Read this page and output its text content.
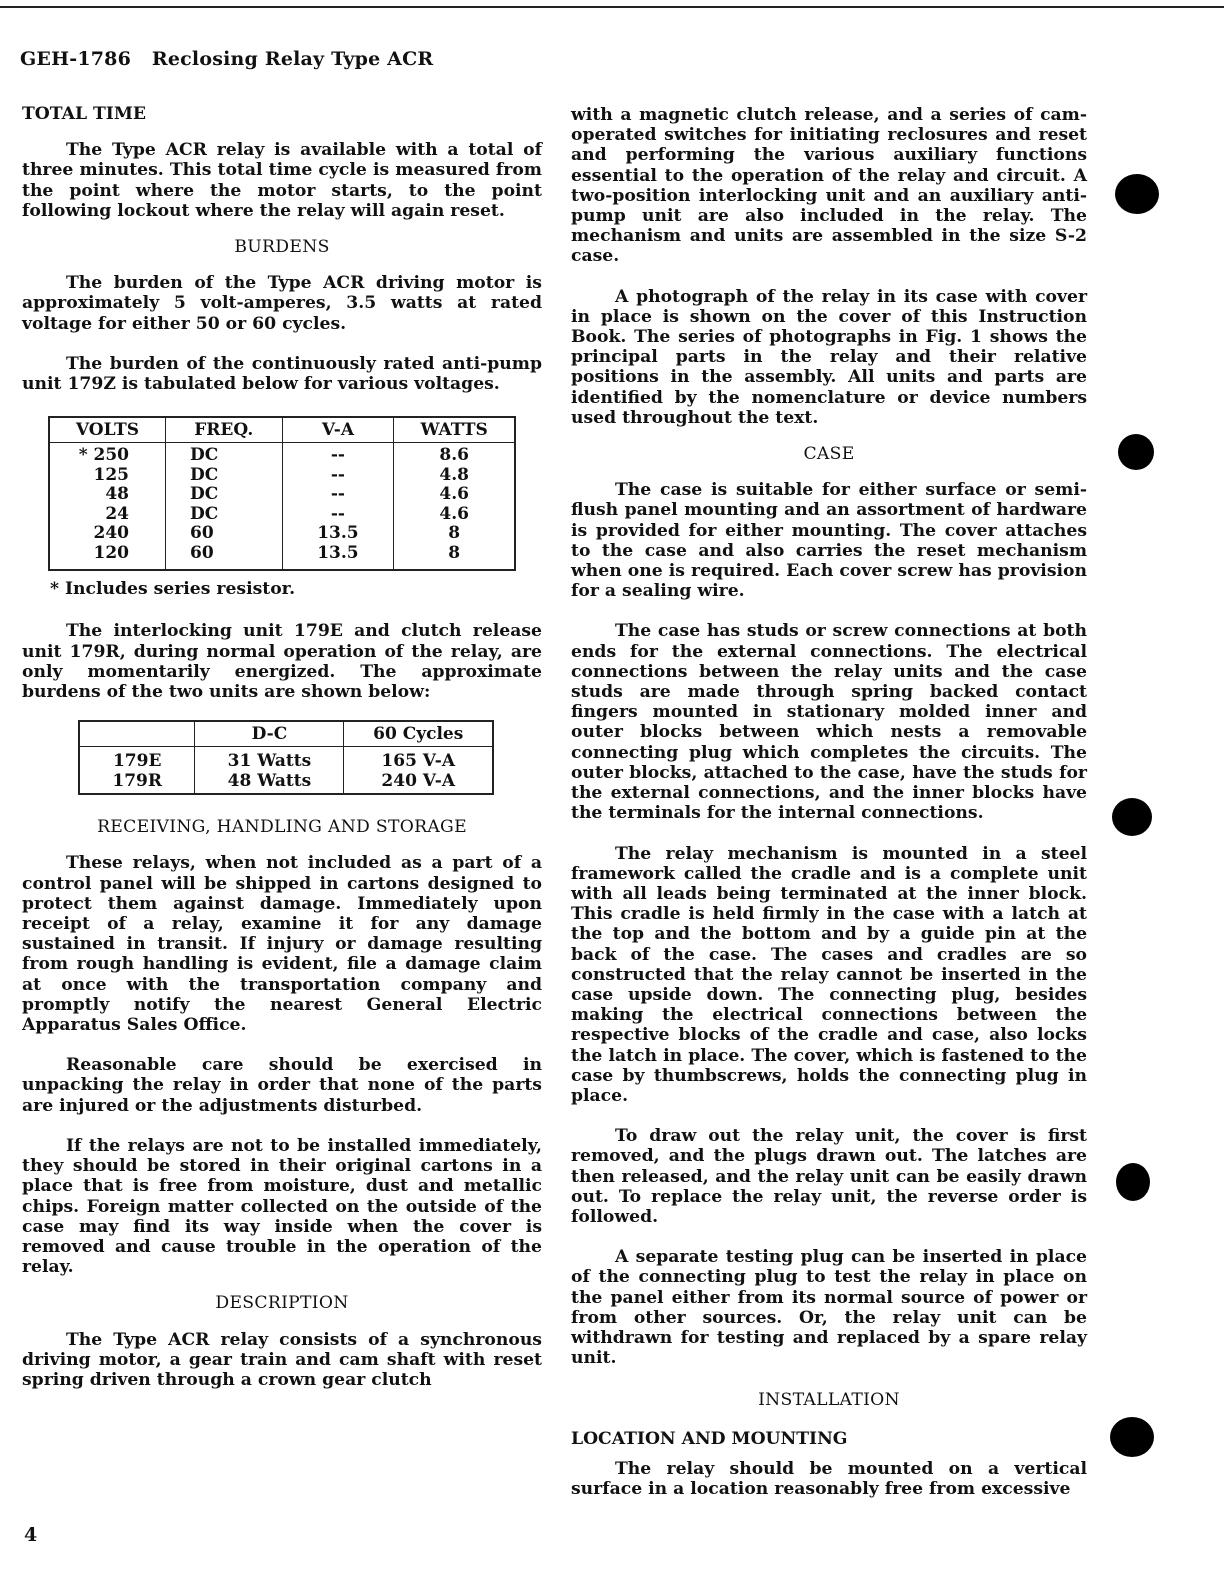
GEH-1786 Reclosing Relay Type ACR
TOTAL TIME

The Type ACR relay is available with a total of three minutes. This total time cycle is measured from the point where the motor starts, to the point following lockout where the relay will again reset.

BURDENS

The burden of the Type ACR driving motor is approximately 5 volt-amperes, 3.5 watts at rated voltage for either 50 or 60 cycles.

The burden of the continuously rated anti-pump unit 179Z is tabulated below for various voltages.

VOLTS	FREQ.	V-A	WATTS
* 250	DC	--	8.6
125	DC	--	4.8
48	DC	--	4.6
24	DC	--	4.6
240	60	13.5	8
120	60	13.5	8
* Includes series resistor.

The interlocking unit 179E and clutch release unit 179R, during normal operation of the relay, are only momentarily energized. The approximate burdens of the two units are shown below:

	D-C	60 Cycles
179E	31 Watts	165 V-A
179R	48 Watts	240 V-A
RECEIVING, HANDLING AND STORAGE

These relays, when not included as a part of a control panel will be shipped in cartons designed to protect them against damage. Immediately upon receipt of a relay, examine it for any damage sustained in transit. If injury or damage resulting from rough handling is evident, file a damage claim at once with the transportation company and promptly notify the nearest General Electric Apparatus Sales Office.

Reasonable care should be exercised in unpacking the relay in order that none of the parts are injured or the adjustments disturbed.

If the relays are not to be installed immediately, they should be stored in their original cartons in a place that is free from moisture, dust and metallic chips. Foreign matter collected on the outside of the case may find its way inside when the cover is removed and cause trouble in the operation of the relay.

DESCRIPTION

The Type ACR relay consists of a synchronous driving motor, a gear train and cam shaft with reset spring driven through a crown gear clutch

with a magnetic clutch release, and a series of cam-operated switches for initiating reclosures and reset and performing the various auxiliary functions essential to the operation of the relay and circuit. A two-position interlocking unit and an auxiliary anti-pump unit are also included in the relay. The mechanism and units are assembled in the size S-2 case.

A photograph of the relay in its case with cover in place is shown on the cover of this Instruction Book. The series of photographs in Fig. 1 shows the principal parts in the relay and their relative positions in the assembly. All units and parts are identified by the nomenclature or device numbers used throughout the text.

CASE

The case is suitable for either surface or semi-flush panel mounting and an assortment of hardware is provided for either mounting. The cover attaches to the case and also carries the reset mechanism when one is required. Each cover screw has provision for a sealing wire.

The case has studs or screw connections at both ends for the external connections. The electrical connections between the relay units and the case studs are made through spring backed contact fingers mounted in stationary molded inner and outer blocks between which nests a removable connecting plug which completes the circuits. The outer blocks, attached to the case, have the studs for the external connections, and the inner blocks have the terminals for the internal connections.

The relay mechanism is mounted in a steel framework called the cradle and is a complete unit with all leads being terminated at the inner block. This cradle is held firmly in the case with a latch at the top and the bottom and by a guide pin at the back of the case. The cases and cradles are so constructed that the relay cannot be inserted in the case upside down. The connecting plug, besides making the electrical connections between the respective blocks of the cradle and case, also locks the latch in place. The cover, which is fastened to the case by thumbscrews, holds the connecting plug in place.

To draw out the relay unit, the cover is first removed, and the plugs drawn out. The latches are then released, and the relay unit can be easily drawn out. To replace the relay unit, the reverse order is followed.

A separate testing plug can be inserted in place of the connecting plug to test the relay in place on the panel either from its normal source of power or from other sources. Or, the relay unit can be withdrawn for testing and replaced by a spare relay unit.

INSTALLATION
LOCATION AND MOUNTING

The relay should be mounted on a vertical surface in a location reasonably free from excessive

4
